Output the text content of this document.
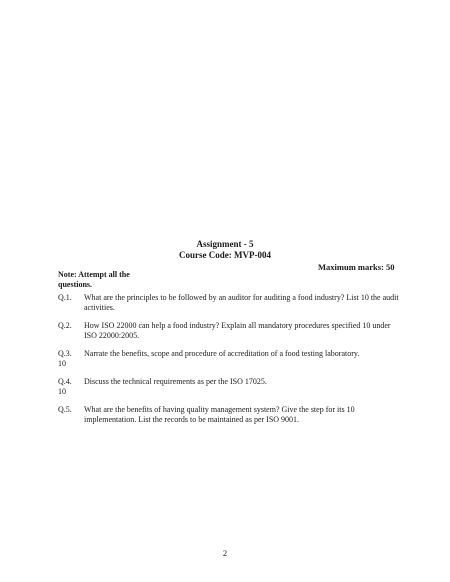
Assignment - 5
Course Code: MVP-004
Maximum marks: 50
Note: Attempt all the questions.
Q.1.	What are the principles to be followed by an auditor for auditing a food industry? List 10 the audit activities.
Q.2.	How ISO 22000 can help a food industry? Explain all mandatory procedures specified 10 under ISO 22000:2005.
Q.3.	Narrate the benefits, scope and procedure of accreditation of a food testing laboratory.
10
Q.4.	Discuss the technical requirements as per the ISO 17025.
10
Q.5.	What are the benefits of having quality management system? Give the step for its 10 implementation. List the records to be maintained as per ISO 9001.
2
